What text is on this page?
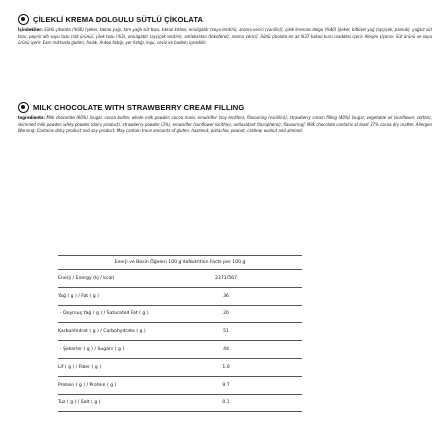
ÇİLEKLİ KREMA DOLGULU SÜTLÜ ÇİKOLATA

İçindekiler: Sütlü çikolata (%60) [şeker, kakao yağı, tam yağlı süt tozu, kakao kitlesi, emülgatör (soya lesitini), aroma verici (vanilin)], çilek kreması dolgu (%40) [şeker, bitkisel yağ (ayçiçek, pamuk), yağsız süt tozu, peynir altı suyu tozu (süt ürünü), çilek tozu (%3), emülgatör (ayçiçek lesitini), antioksidan (tokoferol), aroma verici]. Sütlü çikolata en az %37 kakao kuru maddesi içerir. Alerjen Uyarısı: Süt ürünü ve soya ürünü içerir. Eser miktarda gluten, fındık, Antep fıstığı, yer fıstığı, kaju, ceviz ve badem içerebilir.

MILK CHOCOLATE WITH STRAWBERRY CREAM FILLING

Ingredients: Milk chocolate (60%) [sugar, cocoa butter, whole milk powder, cocoa mass, emulsifier (soy lecithin), flavouring (vanillin)], strawberry cream filling (40%) [sugar, vegetable oil (sunflower, cotton), skimmed milk powder, whey powder (dairy product), strawberry powder (3%), emulsifier (sunflower lecithin), antioxidant (tocopherol), flavouring]. Milk chocolate contains at least 37% cocoa dry matter. Allergen Warning: Contains dairy product and soy product. May contain trace amounts of gluten, hazelnut, pistachio, peanut, cashew, walnut and almond.

Enerji ve Besin Öğeleri 100 g'daNutrition Facts per 100 g
Enerji / Energy (kj / kcal)	2371/567
Yağ ( g ) / Fat ( g )	36
- Doymuş Yağ ( g ) / Saturated Fat ( g )	20
Karbonhidrat ( g ) / Carbohydrate ( g )	51
- Şekerler ( g ) / Sugars ( g )	44
Lif ( g ) / Fiber ( g )	1.0
Protein ( g ) / Protein ( g )	9.7
Tuz ( g ) / Salt ( g )	0.1
